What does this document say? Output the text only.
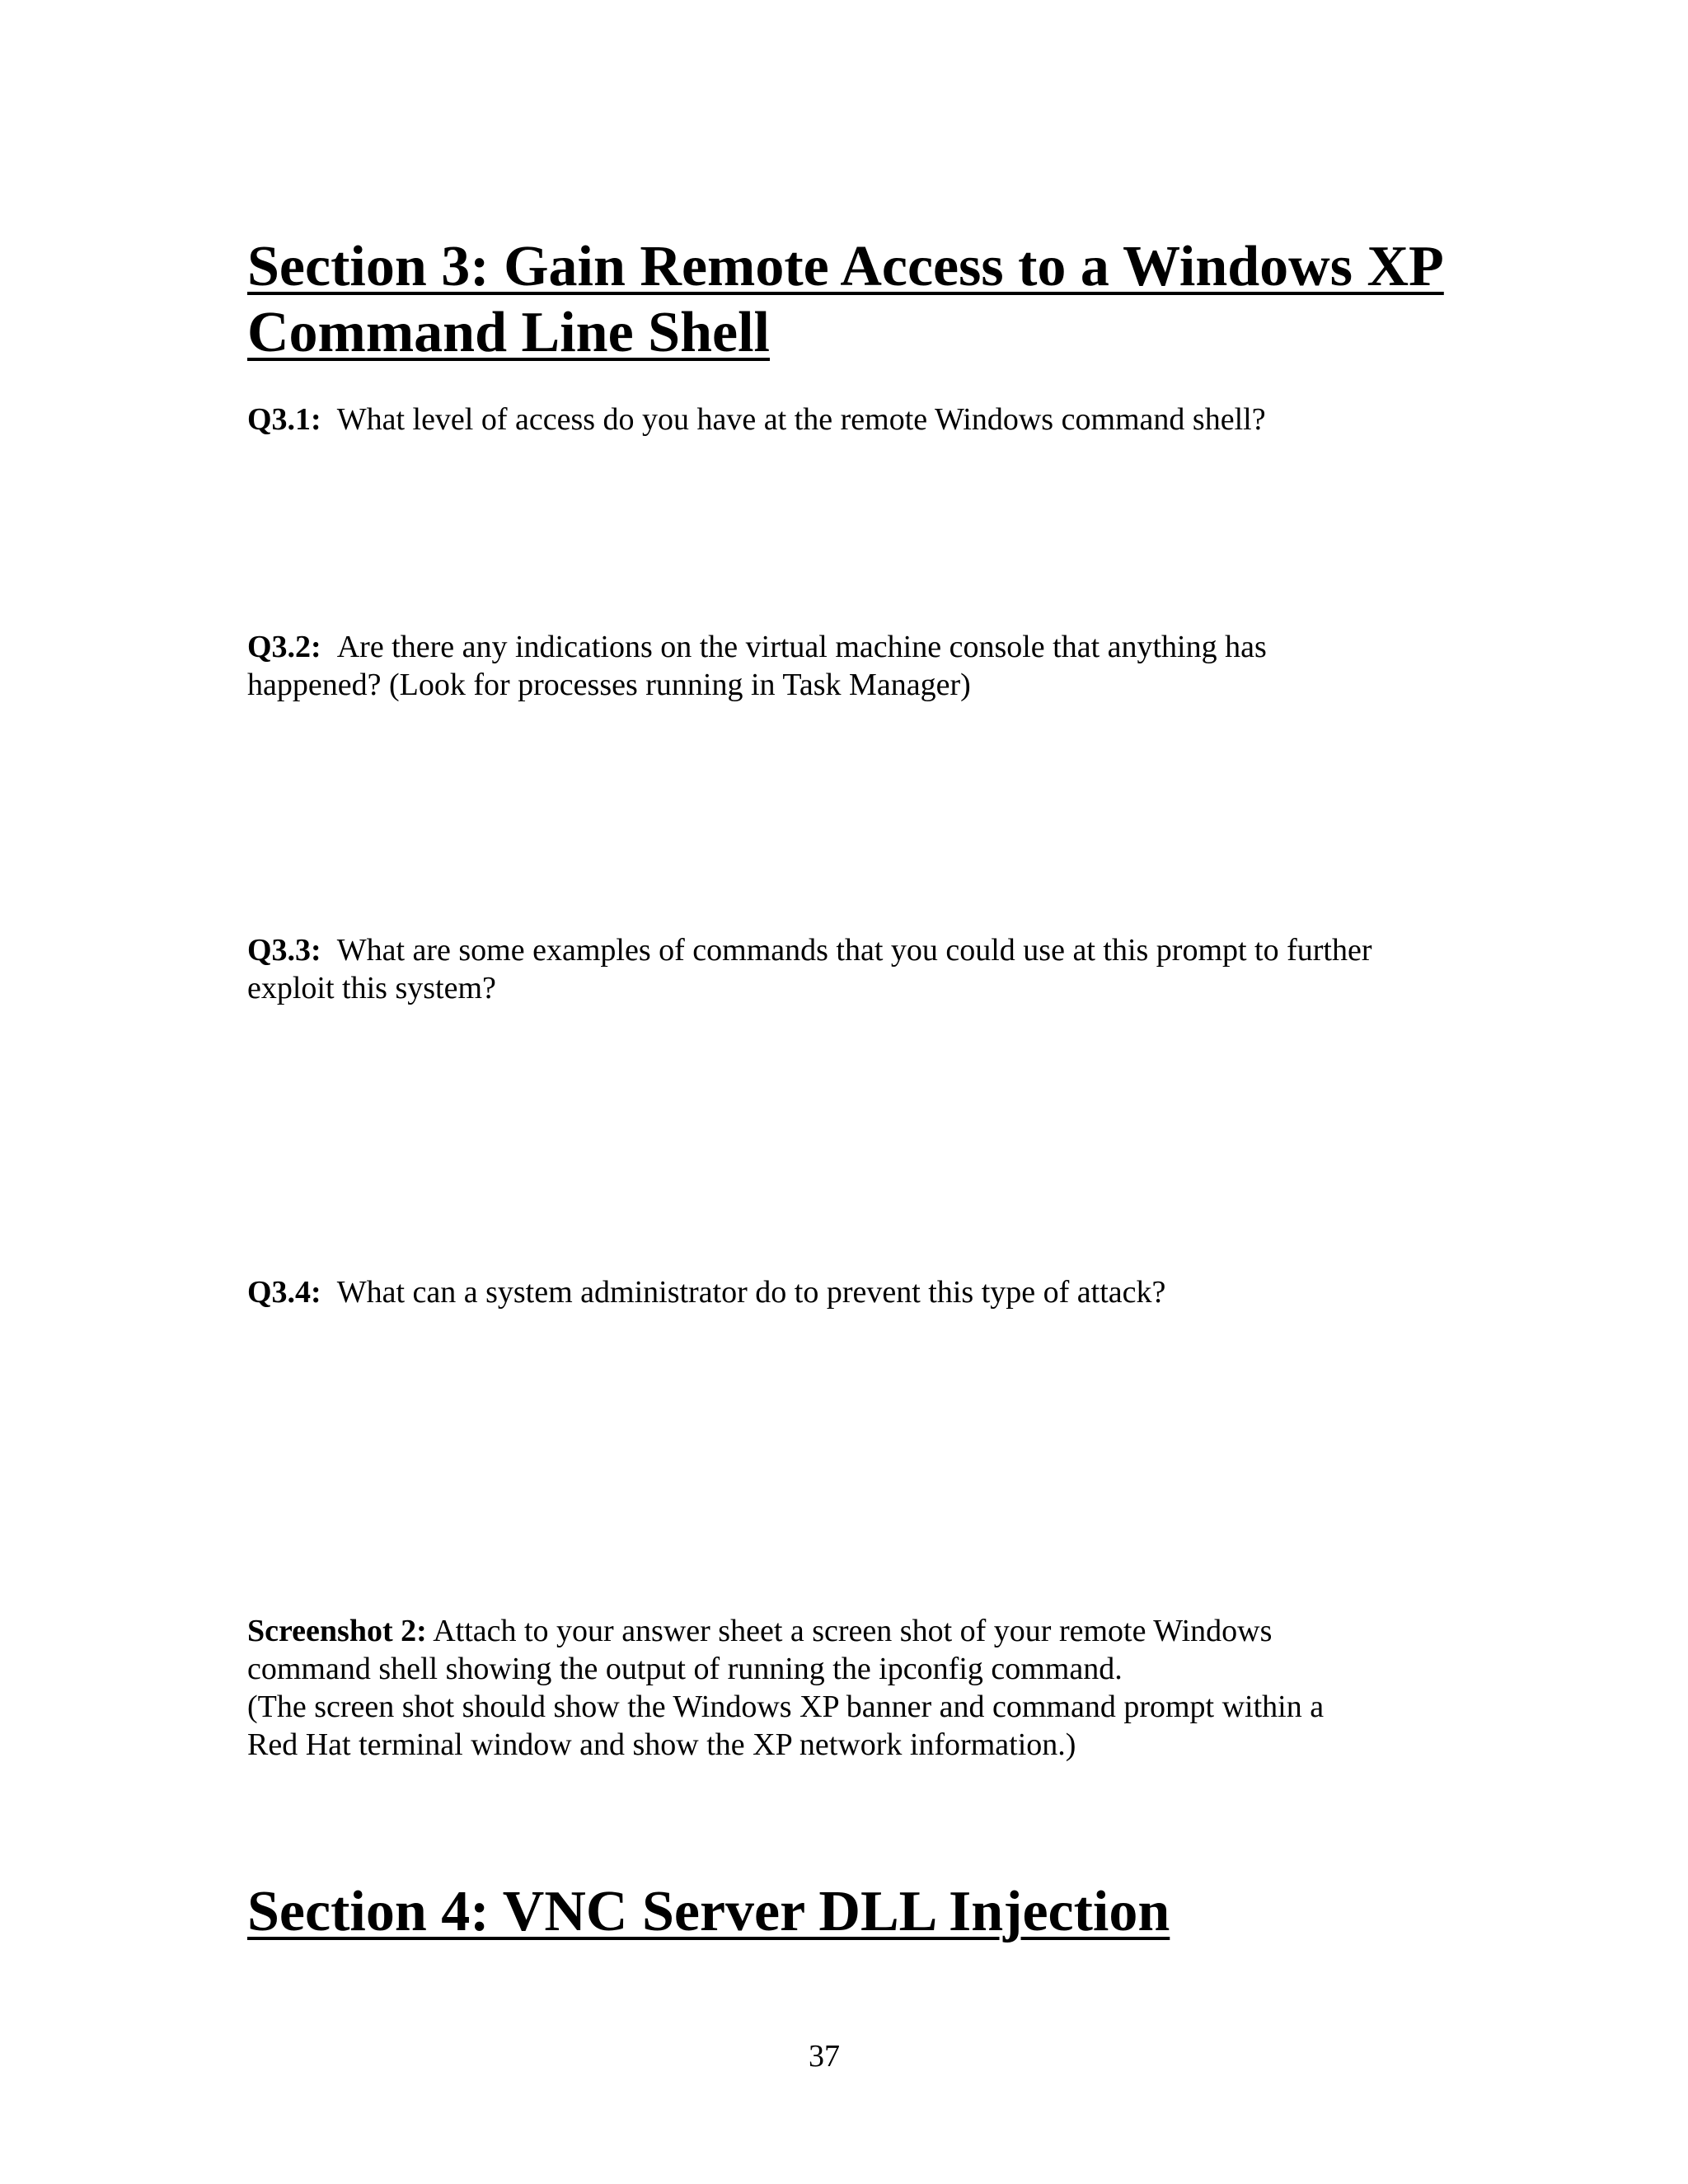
Section 3: Gain Remote Access to a Windows XP
Command Line Shell

Q3.1: What level of access do you have at the remote Windows command shell?

Q3.2: Are there any indications on the virtual machine console that anything has
happened? (Look for processes running in Task Manager)

Q3.3: What are some examples of commands that you could use at this prompt to further
exploit this system?

Q3.4: What can a system administrator do to prevent this type of attack?

Screenshot 2: Attach to your answer sheet a screen shot of your remote Windows
command shell showing the output of running the ipconfig command.
(The screen shot should show the Windows XP banner and command prompt within a
Red Hat terminal window and show the XP network information.)

Section 4: VNC Server DLL Injection
37
